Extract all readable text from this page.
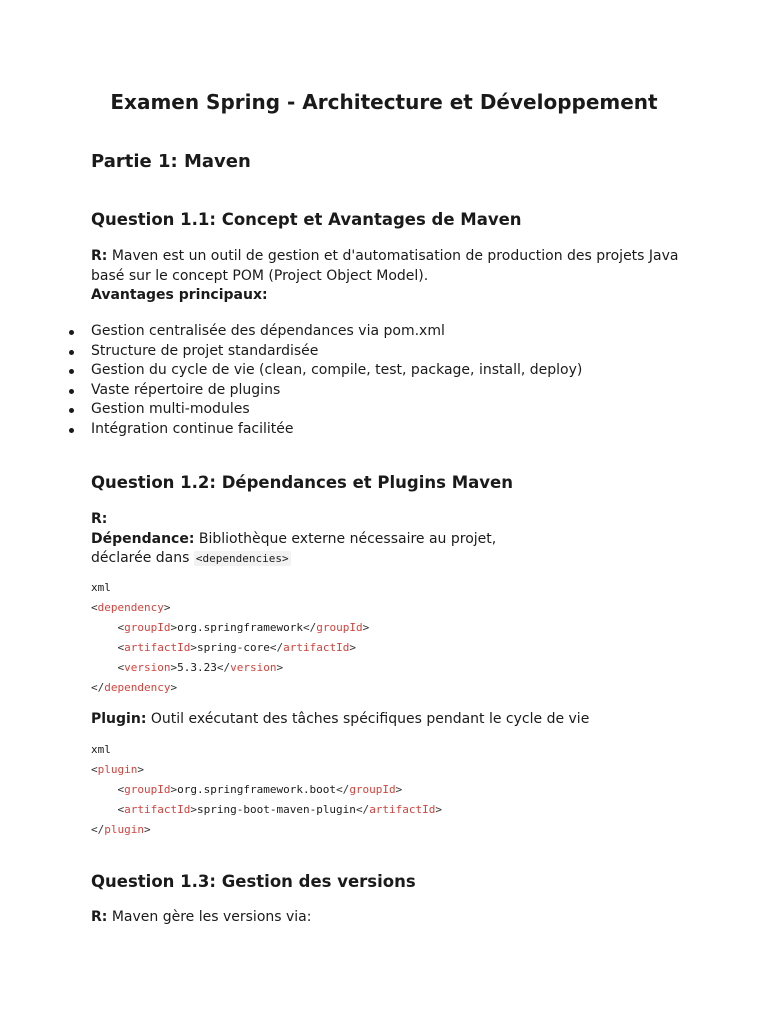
Examen Spring - Architecture et Développement
Partie 1: Maven
Question 1.1: Concept et Avantages de Maven

R: Maven est un outil de gestion et d'automatisation de production des projets Java basé sur le concept POM (Project Object Model).
Avantages principaux:

Gestion centralisée des dépendances via pom.xml
Structure de projet standardisée
Gestion du cycle de vie (clean, compile, test, package, install, deploy)
Vaste répertoire de plugins
Gestion multi-modules
Intégration continue facilitée
Question 1.2: Dépendances et Plugins Maven

R:
Dépendance: Bibliothèque externe nécessaire au projet, déclarée dans <dependencies>

xml
<dependency>
<groupId>org.springframework</groupId>
<artifactId>spring-core</artifactId>
<version>5.3.23</version>
</dependency>

Plugin: Outil exécutant des tâches spécifiques pendant le cycle de vie

xml
<plugin>
<groupId>org.springframework.boot</groupId>
<artifactId>spring-boot-maven-plugin</artifactId>
</plugin>
Question 1.3: Gestion des versions

R: Maven gère les versions via:
